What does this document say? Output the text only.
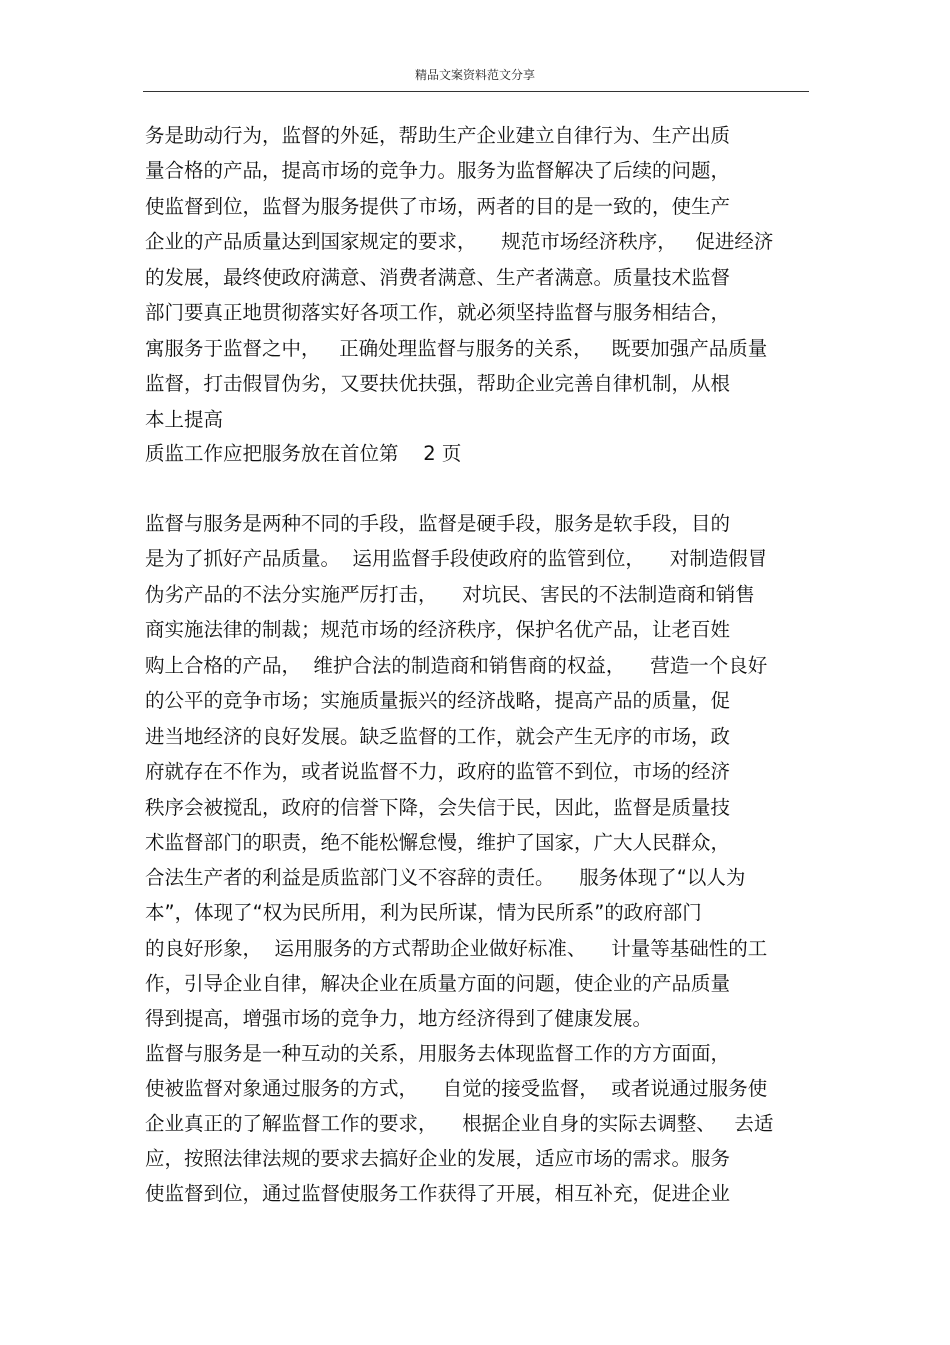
精品文案资料范文分享
务是助动行为，监督的外延，帮助生产企业建立自律行为、生产出质
量合格的产品，提高市场的竞争力。服务为监督解决了后续的问题，
使监督到位，监督为服务提供了市场，两者的目的是一致的，使生产
企业的产品质量达到国家规定的要求，    规范市场经济秩序，   促进经济
的发展，最终使政府满意、消费者满意、生产者满意。质量技术监督
部门要真正地贯彻落实好各项工作，就必须坚持监督与服务相结合，
寓服务于监督之中，   正确处理监督与服务的关系，   既要加强产品质量
监督，打击假冒伪劣，又要扶优扶强，帮助企业完善自律机制，从根
本上提高
质监工作应把服务放在首位第    2 页
监督与服务是两种不同的手段，监督是硬手段，服务是软手段，目的
是为了抓好产品质量。  运用监督手段使政府的监管到位，    对制造假冒
伪劣产品的不法分实施严厉打击，    对坑民、害民的不法制造商和销售
商实施法律的制裁；规范市场的经济秩序，保护名优产品，让老百姓
购上合格的产品，  维护合法的制造商和销售商的权益，    营造一个良好
的公平的竞争市场；实施质量振兴的经济战略，提高产品的质量，促
进当地经济的良好发展。缺乏监督的工作，就会产生无序的市场，政
府就存在不作为，或者说监督不力，政府的监管不到位，市场的经济
秩序会被搅乱，政府的信誉下降，会失信于民，因此，监督是质量技
术监督部门的职责，绝不能松懈怠慢，维护了国家，广大人民群众，
合法生产者的利益是质监部门义不容辞的责任。    服务体现了“以人为
本”，体现了“权为民所用，利为民所谋，情为民所系”的政府部门
的良好形象，  运用服务的方式帮助企业做好标准、    计量等基础性的工
作，引导企业自律，解决企业在质量方面的问题，使企业的产品质量
得到提高，增强市场的竞争力，地方经济得到了健康发展。
监督与服务是一种互动的关系，用服务去体现监督工作的方方面面，
使被监督对象通过服务的方式，    自觉的接受监督，  或者说通过服务使
企业真正的了解监督工作的要求，    根据企业自身的实际去调整、   去适
应，按照法律法规的要求去搞好企业的发展，适应市场的需求。服务
使监督到位，通过监督使服务工作获得了开展，相互补充，促进企业
